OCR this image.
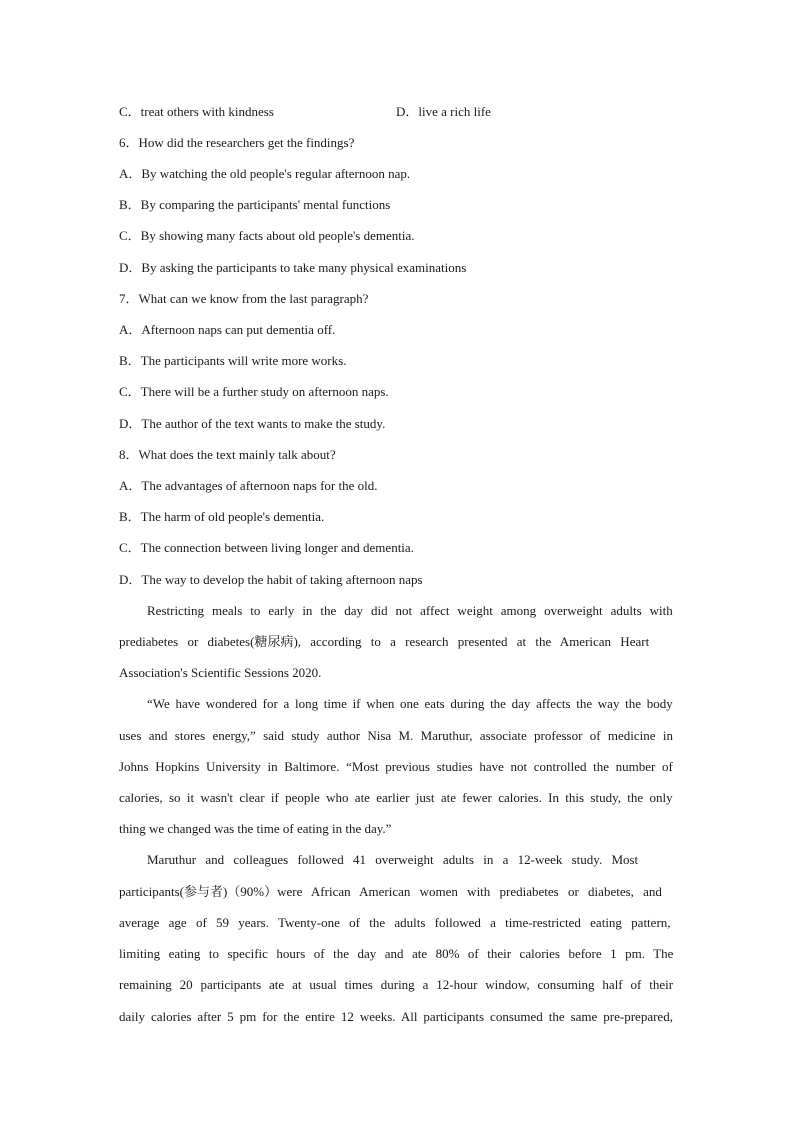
C．treat others with kindness	D．live a rich life
6．How did the researchers get the findings?
A．By watching the old people's regular afternoon nap.
B．By comparing the participants' mental functions
C．By showing many facts about old people's dementia.
D．By asking the participants to take many physical examinations
7．What can we know from the last paragraph?
A．Afternoon naps can put dementia off.
B．The participants will write more works.
C．There will be a further study on afternoon naps.
D．The author of the text wants to make the study.
8．What does the text mainly talk about?
A．The advantages of afternoon naps for the old.
B．The harm of old people's dementia.
C．The connection between living longer and dementia.
D．The way to develop the habit of taking afternoon naps
Restricting meals to early in the day did not affect weight among overweight adults with
prediabetes or diabetes(糖尿病), according to a research presented at the American Heart
Association's Scientific Sessions 2020.
“We have wondered for a long time if when one eats during the day affects the way the body
uses and stores energy,” said study author Nisa M. Maruthur, associate professor of medicine in
Johns Hopkins University in Baltimore. “Most previous studies have not controlled the number of
calories, so it wasn't clear if people who ate earlier just ate fewer calories. In this study, the only
thing we changed was the time of eating in the day.”
Maruthur and colleagues followed 41 overweight adults in a 12-week study. Most
participants(参与者)（90%）were African American women with prediabetes or diabetes, and
average age of 59 years. Twenty-one of the adults followed a time-restricted eating pattern,
limiting eating to specific hours of the day and ate 80% of their calories before 1 pm. The
remaining 20 participants ate at usual times during a 12-hour window, consuming half of their
daily calories after 5 pm for the entire 12 weeks. All participants consumed the same pre-prepared,
